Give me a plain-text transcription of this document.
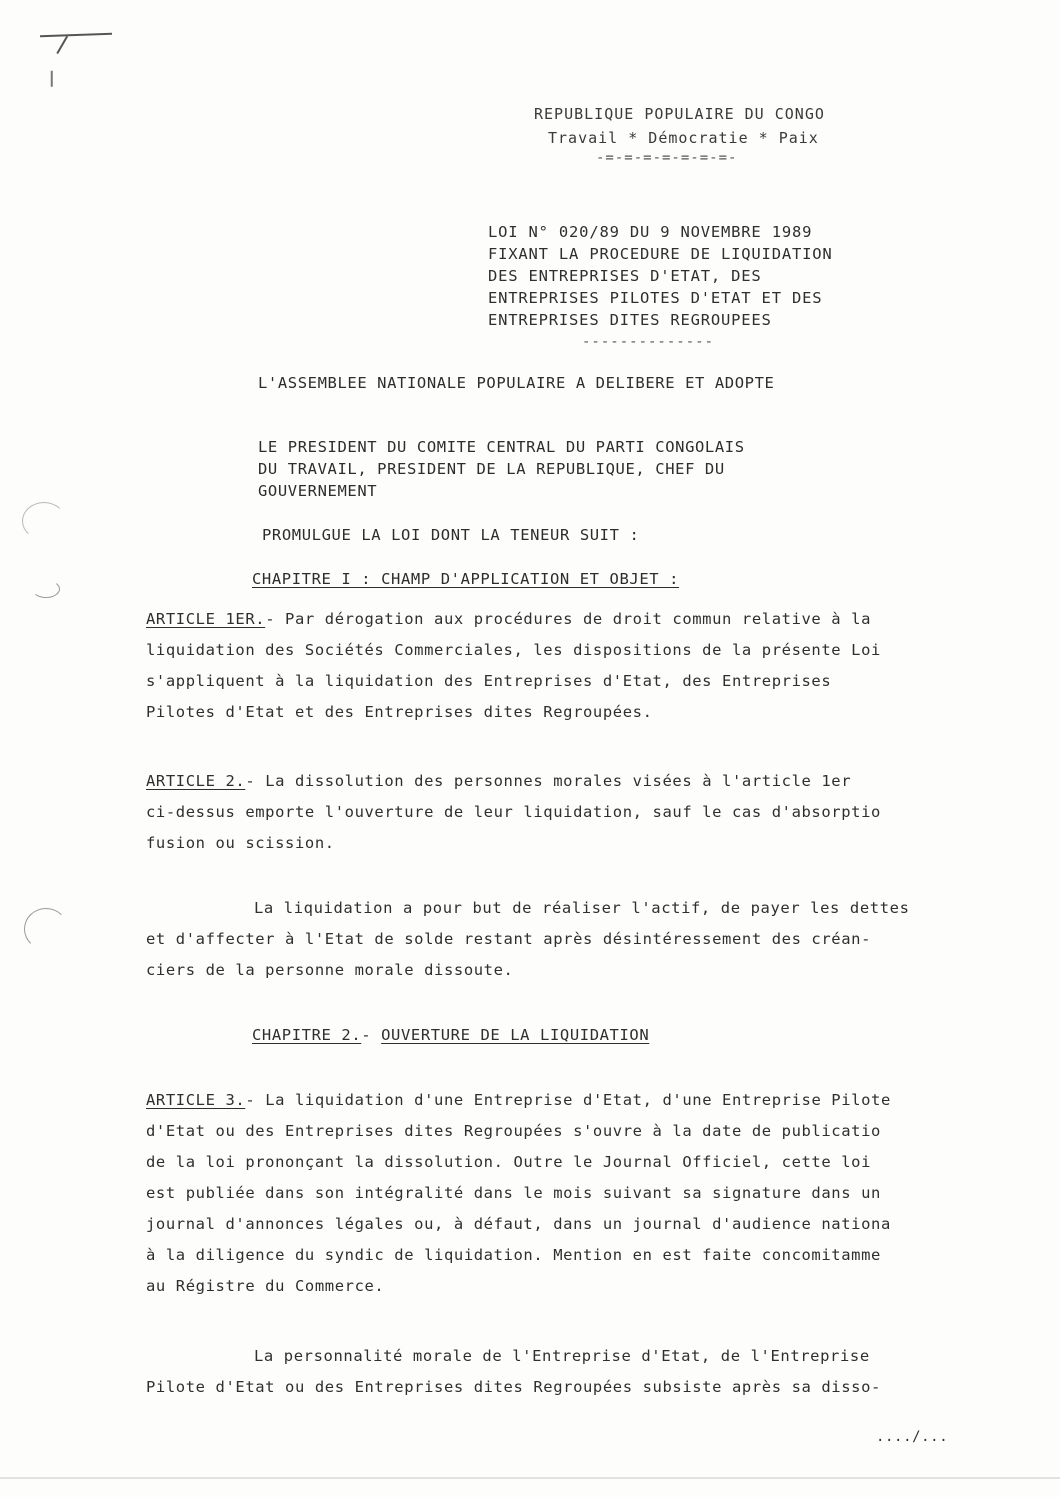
REPUBLIQUE POPULAIRE DU CONGO
Travail * Démocratie * Paix
-=-=-=-=-=-=-=-
LOI N° 020/89 DU 9 NOVEMBRE 1989
FIXANT LA PROCEDURE DE LIQUIDATION
DES ENTREPRISES D'ETAT, DES
ENTREPRISES PILOTES D'ETAT ET DES
ENTREPRISES DITES REGROUPEES
--------------
L'ASSEMBLEE NATIONALE POPULAIRE A DELIBERE ET ADOPTE
LE PRESIDENT DU COMITE CENTRAL DU PARTI CONGOLAIS
DU TRAVAIL, PRESIDENT DE LA REPUBLIQUE, CHEF DU
GOUVERNEMENT
PROMULGUE LA LOI DONT LA TENEUR SUIT :
CHAPITRE I : CHAMP D'APPLICATION ET OBJET :
ARTICLE 1ER.- Par dérogation aux procédures de droit commun relative à la
liquidation des Sociétés Commerciales, les dispositions de la présente Loi
s'appliquent à la liquidation des Entreprises d'Etat, des Entreprises
Pilotes d'Etat et des Entreprises dites Regroupées.
ARTICLE 2.- La dissolution des personnes morales visées à l'article 1er
ci-dessus emporte l'ouverture de leur liquidation, sauf le cas d'absorptio
fusion ou scission.
La liquidation a pour but de réaliser l'actif, de payer les dettes
et d'affecter à l'Etat de solde restant après désintéressement des créan-
ciers de la personne morale dissoute.
CHAPITRE 2.- OUVERTURE DE LA LIQUIDATION
ARTICLE 3.- La liquidation d'une Entreprise d'Etat, d'une Entreprise Pilote
d'Etat ou des Entreprises dites Regroupées s'ouvre à la date de publicatio
de la loi prononçant la dissolution. Outre le Journal Officiel, cette loi
est publiée dans son intégralité dans le mois suivant sa signature dans un
journal d'annonces légales ou, à défaut, dans un journal d'audience nationa
à la diligence du syndic de liquidation. Mention en est faite concomitamme
au Régistre du Commerce.
La personnalité morale de l'Entreprise d'Etat, de l'Entreprise
Pilote d'Etat ou des Entreprises dites Regroupées subsiste après sa disso-
..../...
